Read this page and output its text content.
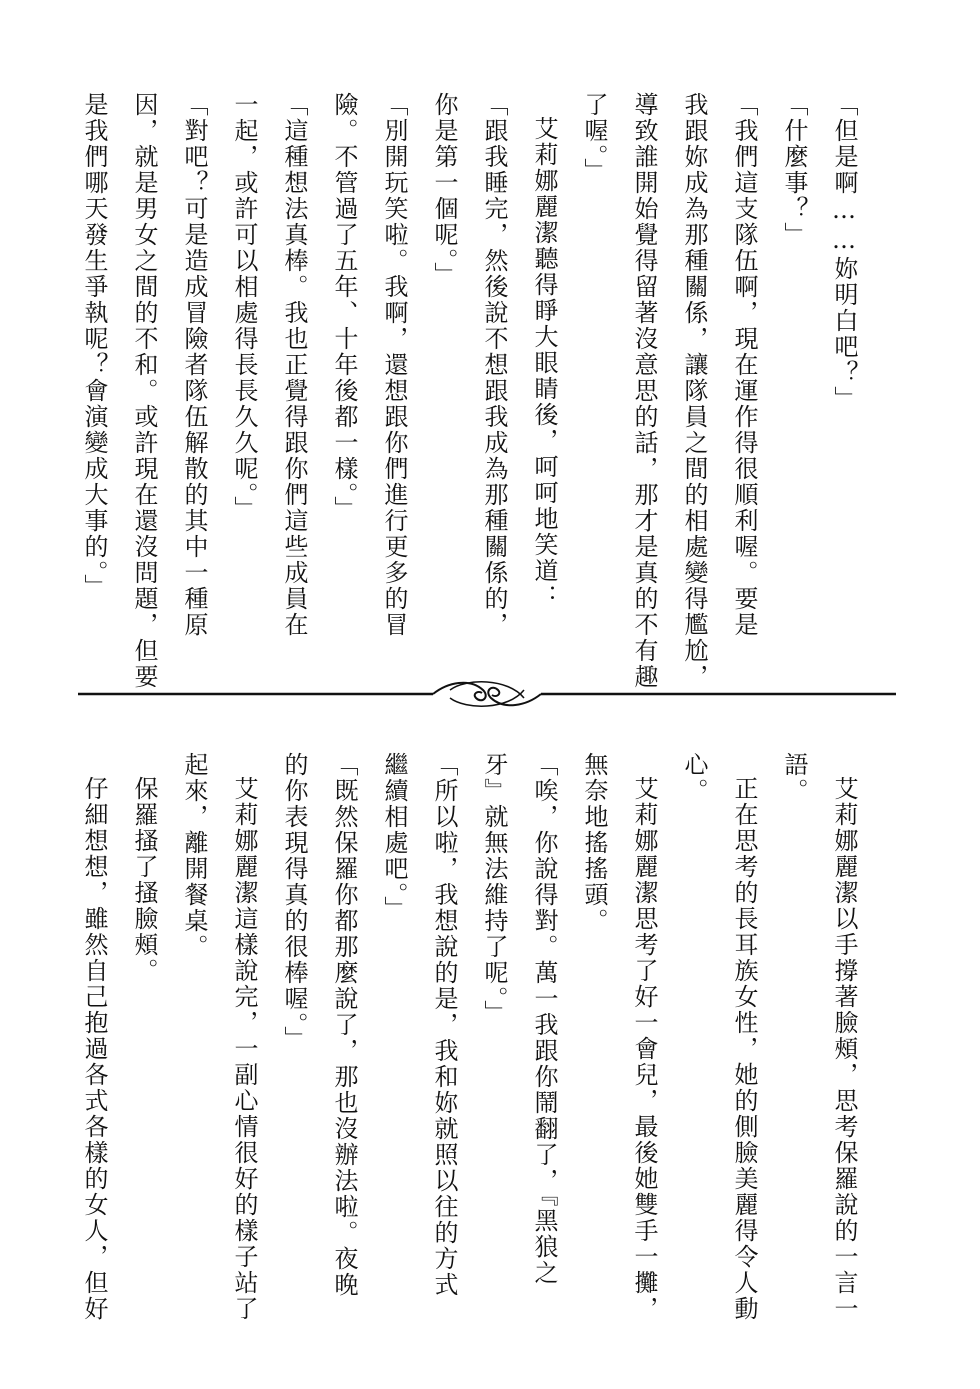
「但是啊……妳明白吧？」
「什麼事？」
「我們這支隊伍啊，現在運作得很順利喔。要是
我跟妳成為那種關係，讓隊員之間的相處變得尷尬，
導致誰開始覺得留著沒意思的話，那才是真的不有趣
了喔。」
艾莉娜麗潔聽得睜大眼睛後，呵呵地笑道：
「跟我睡完，然後說不想跟我成為那種關係的，
你是第一個呢。」
「別開玩笑啦。我啊，還想跟你們進行更多的冒
險。不管過了五年、十年後都一樣。」
「這種想法真棒。我也正覺得跟你們這些成員在
一起，或許可以相處得長長久久呢。」
「對吧？可是造成冒險者隊伍解散的其中一種原
因，就是男女之間的不和。或許現在還沒問題，但要
是我們哪天發生爭執呢？會演變成大事的。」
艾莉娜麗潔以手撐著臉頰，思考保羅說的一言一
語。
正在思考的長耳族女性，她的側臉美麗得令人動
心。
艾莉娜麗潔思考了好一會兒，最後她雙手一攤，
無奈地搖搖頭。
「唉，你說得對。萬一我跟你鬧翻了，『黑狼之
牙』就無法維持了呢。」
「所以啦，我想說的是，我和妳就照以往的方式
繼續相處吧。」
「既然保羅你都那麼說了，那也沒辦法啦。夜晚
的你表現得真的很棒喔。」
艾莉娜麗潔這樣說完，一副心情很好的樣子站了
起來，離開餐桌。
保羅搔了搔臉頰。
仔細想想，雖然自己抱過各式各樣的女人，但好
